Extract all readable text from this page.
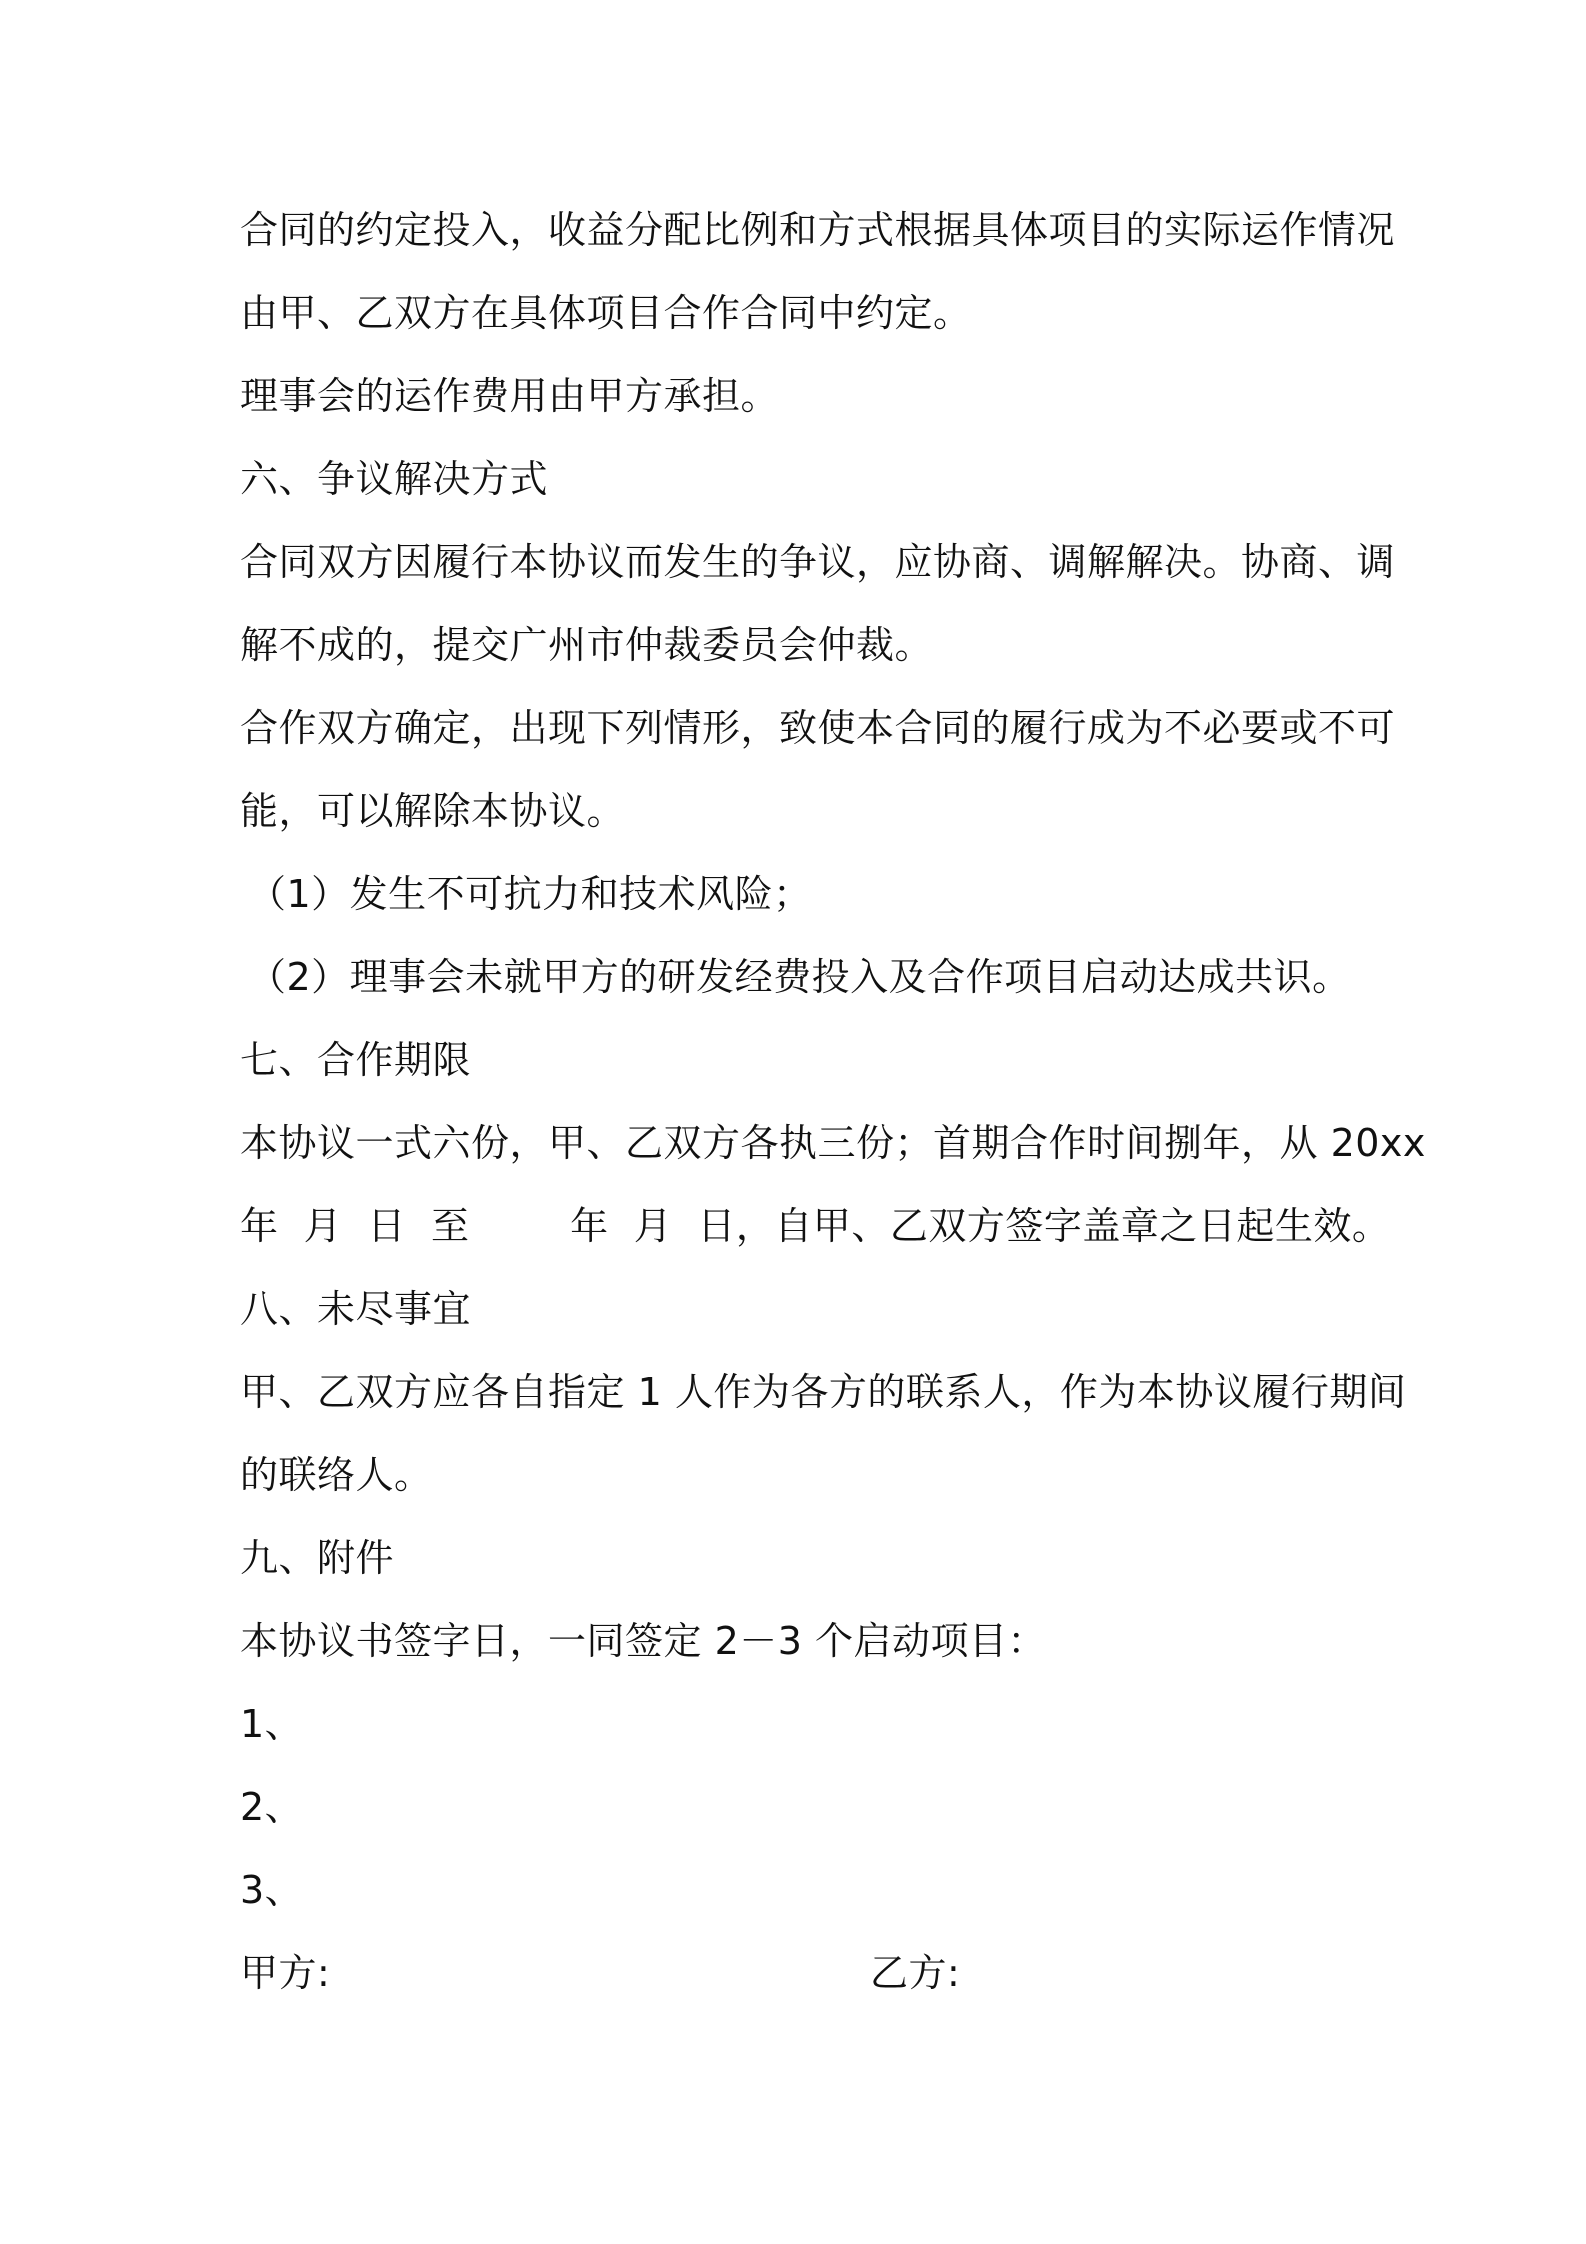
合同的约定投入，收益分配比例和方式根据具体项目的实际运作情况
由甲、乙双方在具体项目合作合同中约定。
理事会的运作费用由甲方承担。
六、争议解决方式
合同双方因履行本协议而发生的争议，应协商、调解解决。协商、调
解不成的，提交广州市仲裁委员会仲裁。
合作双方确定，出现下列情形，致使本合同的履行成为不必要或不可
能，可以解除本协议。
（1）发生不可抗力和技术风险；
（2）理事会未就甲方的研发经费投入及合作项目启动达成共识。
七、合作期限
本协议一式六份，甲、乙双方各执三份；首期合作时间捌年，从 20xx
年  月  日  至        年  月  日，自甲、乙双方签字盖章之日起生效。
八、未尽事宜
甲、乙双方应各自指定 1 人作为各方的联系人，作为本协议履行期间
的联络人。
九、附件
本协议书签字日，一同签定 2－3 个启动项目：
1、
2、
3、
甲方:	乙方:
